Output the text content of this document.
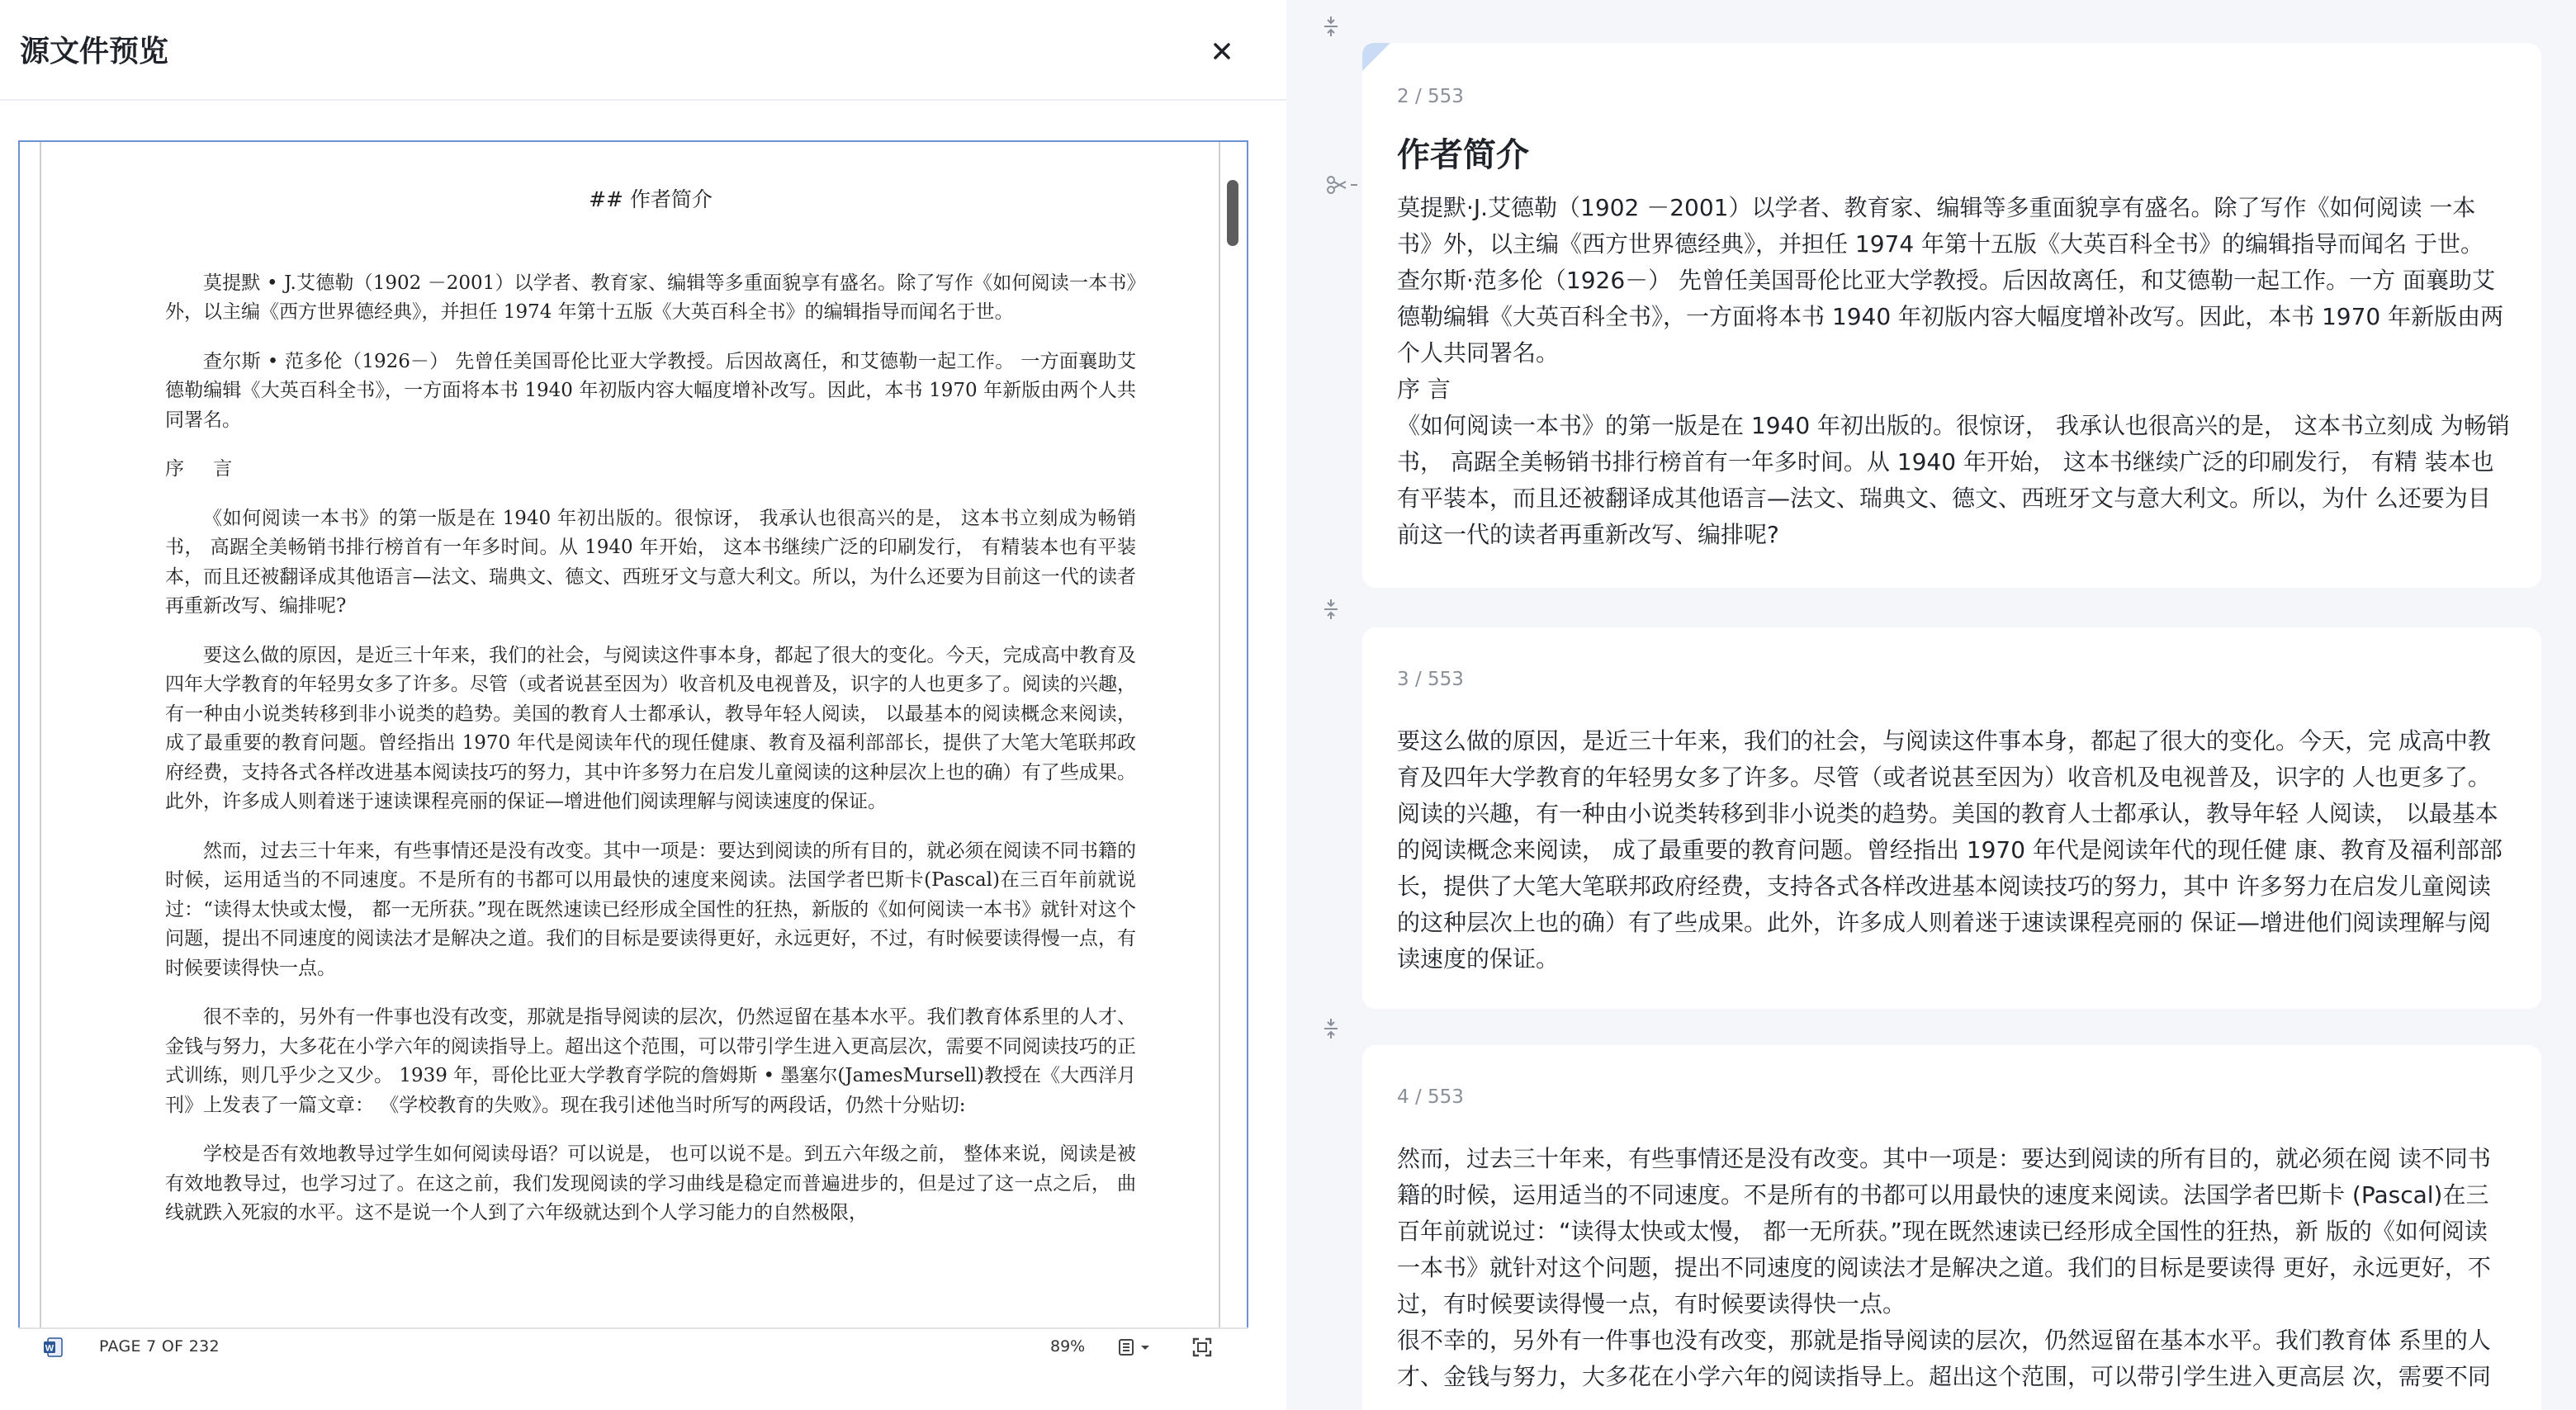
源文件预览
## 作者简介

莫提默 • J.艾德勒（1902 －2001）以学者、教育家、编辑等多重面貌享有盛名。除了写作《如何阅读一本书》外，以主编《西方世界德经典》，并担任 1974 年第十五版《大英百科全书》的编辑指导而闻名于世。

查尔斯 • 范多伦（1926－） 先曾任美国哥伦比亚大学教授。后因故离任，和艾德勒一起工作。 一方面襄助艾德勒编辑《大英百科全书》，一方面将本书 1940 年初版内容大幅度增补改写。因此，本书 1970 年新版由两个人共同署名。

序 言

《如何阅读一本书》的第一版是在 1940 年初出版的。很惊讶， 我承认也很高兴的是， 这本书立刻成为畅销书， 高踞全美畅销书排行榜首有一年多时间。从 1940 年开始， 这本书继续广泛的印刷发行， 有精装本也有平装本，而且还被翻译成其他语言—法文、瑞典文、德文、西班牙文与意大利文。所以，为什么还要为目前这一代的读者再重新改写、编排呢?

要这么做的原因，是近三十年来，我们的社会，与阅读这件事本身，都起了很大的变化。今天，完成高中教育及四年大学教育的年轻男女多了许多。尽管（或者说甚至因为）收音机及电视普及，识字的人也更多了。阅读的兴趣，有一种由小说类转移到非小说类的趋势。美国的教育人士都承认，教导年轻人阅读， 以最基本的阅读概念来阅读， 成了最重要的教育问题。曾经指出 1970 年代是阅读年代的现任健康、教育及福利部部长，提供了大笔大笔联邦政府经费，支持各式各样改进基本阅读技巧的努力，其中许多努力在启发儿童阅读的这种层次上也的确）有了些成果。此外，许多成人则着迷于速读课程亮丽的保证—增进他们阅读理解与阅读速度的保证。

然而，过去三十年来，有些事情还是没有改变。其中一项是：要达到阅读的所有目的，就必须在阅读不同书籍的时候，运用适当的不同速度。不是所有的书都可以用最快的速度来阅读。法国学者巴斯卡(Pascal)在三百年前就说过：“读得太快或太慢， 都一无所获。”现在既然速读已经形成全国性的狂热，新版的《如何阅读一本书》就针对这个问题，提出不同速度的阅读法才是解决之道。我们的目标是要读得更好，永远更好，不过，有时候要读得慢一点，有时候要读得快一点。

很不幸的，另外有一件事也没有改变，那就是指导阅读的层次，仍然逗留在基本水平。我们教育体系里的人才、金钱与努力，大多花在小学六年的阅读指导上。超出这个范围，可以带引学生进入更高层次，需要不同阅读技巧的正式训练，则几乎少之又少。 1939 年，哥伦比亚大学教育学院的詹姆斯 • 墨塞尔(JamesMursell)教授在《大西洋月刊》上发表了一篇文章： 《学校教育的失败》。现在我引述他当时所写的两段话，仍然十分贴切:

学校是否有效地教导过学生如何阅读母语？可以说是， 也可以说不是。到五六年级之前， 整体来说，阅读是被有效地教导过，也学习过了。在这之前，我们发现阅读的学习曲线是稳定而普遍进步的，但是过了这一点之后， 曲线就跌入死寂的水平。这不是说一个人到了六年级就达到个人学习能力的自然极限，

W	PAGE 7 OF 232	89%
2 / 553
作者简介
莫提默·J.艾德勒（1902 －2001）以学者、教育家、编辑等多重面貌享有盛名。除了写作《如何阅读 一本书》外，以主编《西方世界德经典》，并担任 1974 年第十五版《大英百科全书》的编辑指导而闻名 于世。
查尔斯·范多伦（1926－） 先曾任美国哥伦比亚大学教授。后因故离任，和艾德勒一起工作。一方 面襄助艾德勒编辑《大英百科全书》，一方面将本书 1940 年初版内容大幅度增补改写。因此，本书 1970 年新版由两个人共同署名。
序 言
《如何阅读一本书》的第一版是在 1940 年初出版的。很惊讶， 我承认也很高兴的是， 这本书立刻成 为畅销书， 高踞全美畅销书排行榜首有一年多时间。从 1940 年开始， 这本书继续广泛的印刷发行， 有精 装本也有平装本，而且还被翻译成其他语言—法文、瑞典文、德文、西班牙文与意大利文。所以，为什 么还要为目前这一代的读者再重新改写、编排呢?
3 / 553
要这么做的原因，是近三十年来，我们的社会，与阅读这件事本身，都起了很大的变化。今天，完 成高中教育及四年大学教育的年轻男女多了许多。尽管（或者说甚至因为）收音机及电视普及，识字的 人也更多了。阅读的兴趣，有一种由小说类转移到非小说类的趋势。美国的教育人士都承认，教导年轻 人阅读， 以最基本的阅读概念来阅读， 成了最重要的教育问题。曾经指出 1970 年代是阅读年代的现任健 康、教育及福利部部长，提供了大笔大笔联邦政府经费，支持各式各样改进基本阅读技巧的努力，其中 许多努力在启发儿童阅读的这种层次上也的确）有了些成果。此外，许多成人则着迷于速读课程亮丽的 保证—增进他们阅读理解与阅读速度的保证。
4 / 553
然而，过去三十年来，有些事情还是没有改变。其中一项是：要达到阅读的所有目的，就必须在阅 读不同书籍的时候，运用适当的不同速度。不是所有的书都可以用最快的速度来阅读。法国学者巴斯卡 (Pascal)在三百年前就说过：“读得太快或太慢， 都一无所获。”现在既然速读已经形成全国性的狂热，新 版的《如何阅读一本书》就针对这个问题，提出不同速度的阅读法才是解决之道。我们的目标是要读得 更好，永远更好，不过，有时候要读得慢一点，有时候要读得快一点。
很不幸的，另外有一件事也没有改变，那就是指导阅读的层次，仍然逗留在基本水平。我们教育体 系里的人才、金钱与努力，大多花在小学六年的阅读指导上。超出这个范围，可以带引学生进入更高层 次，需要不同
